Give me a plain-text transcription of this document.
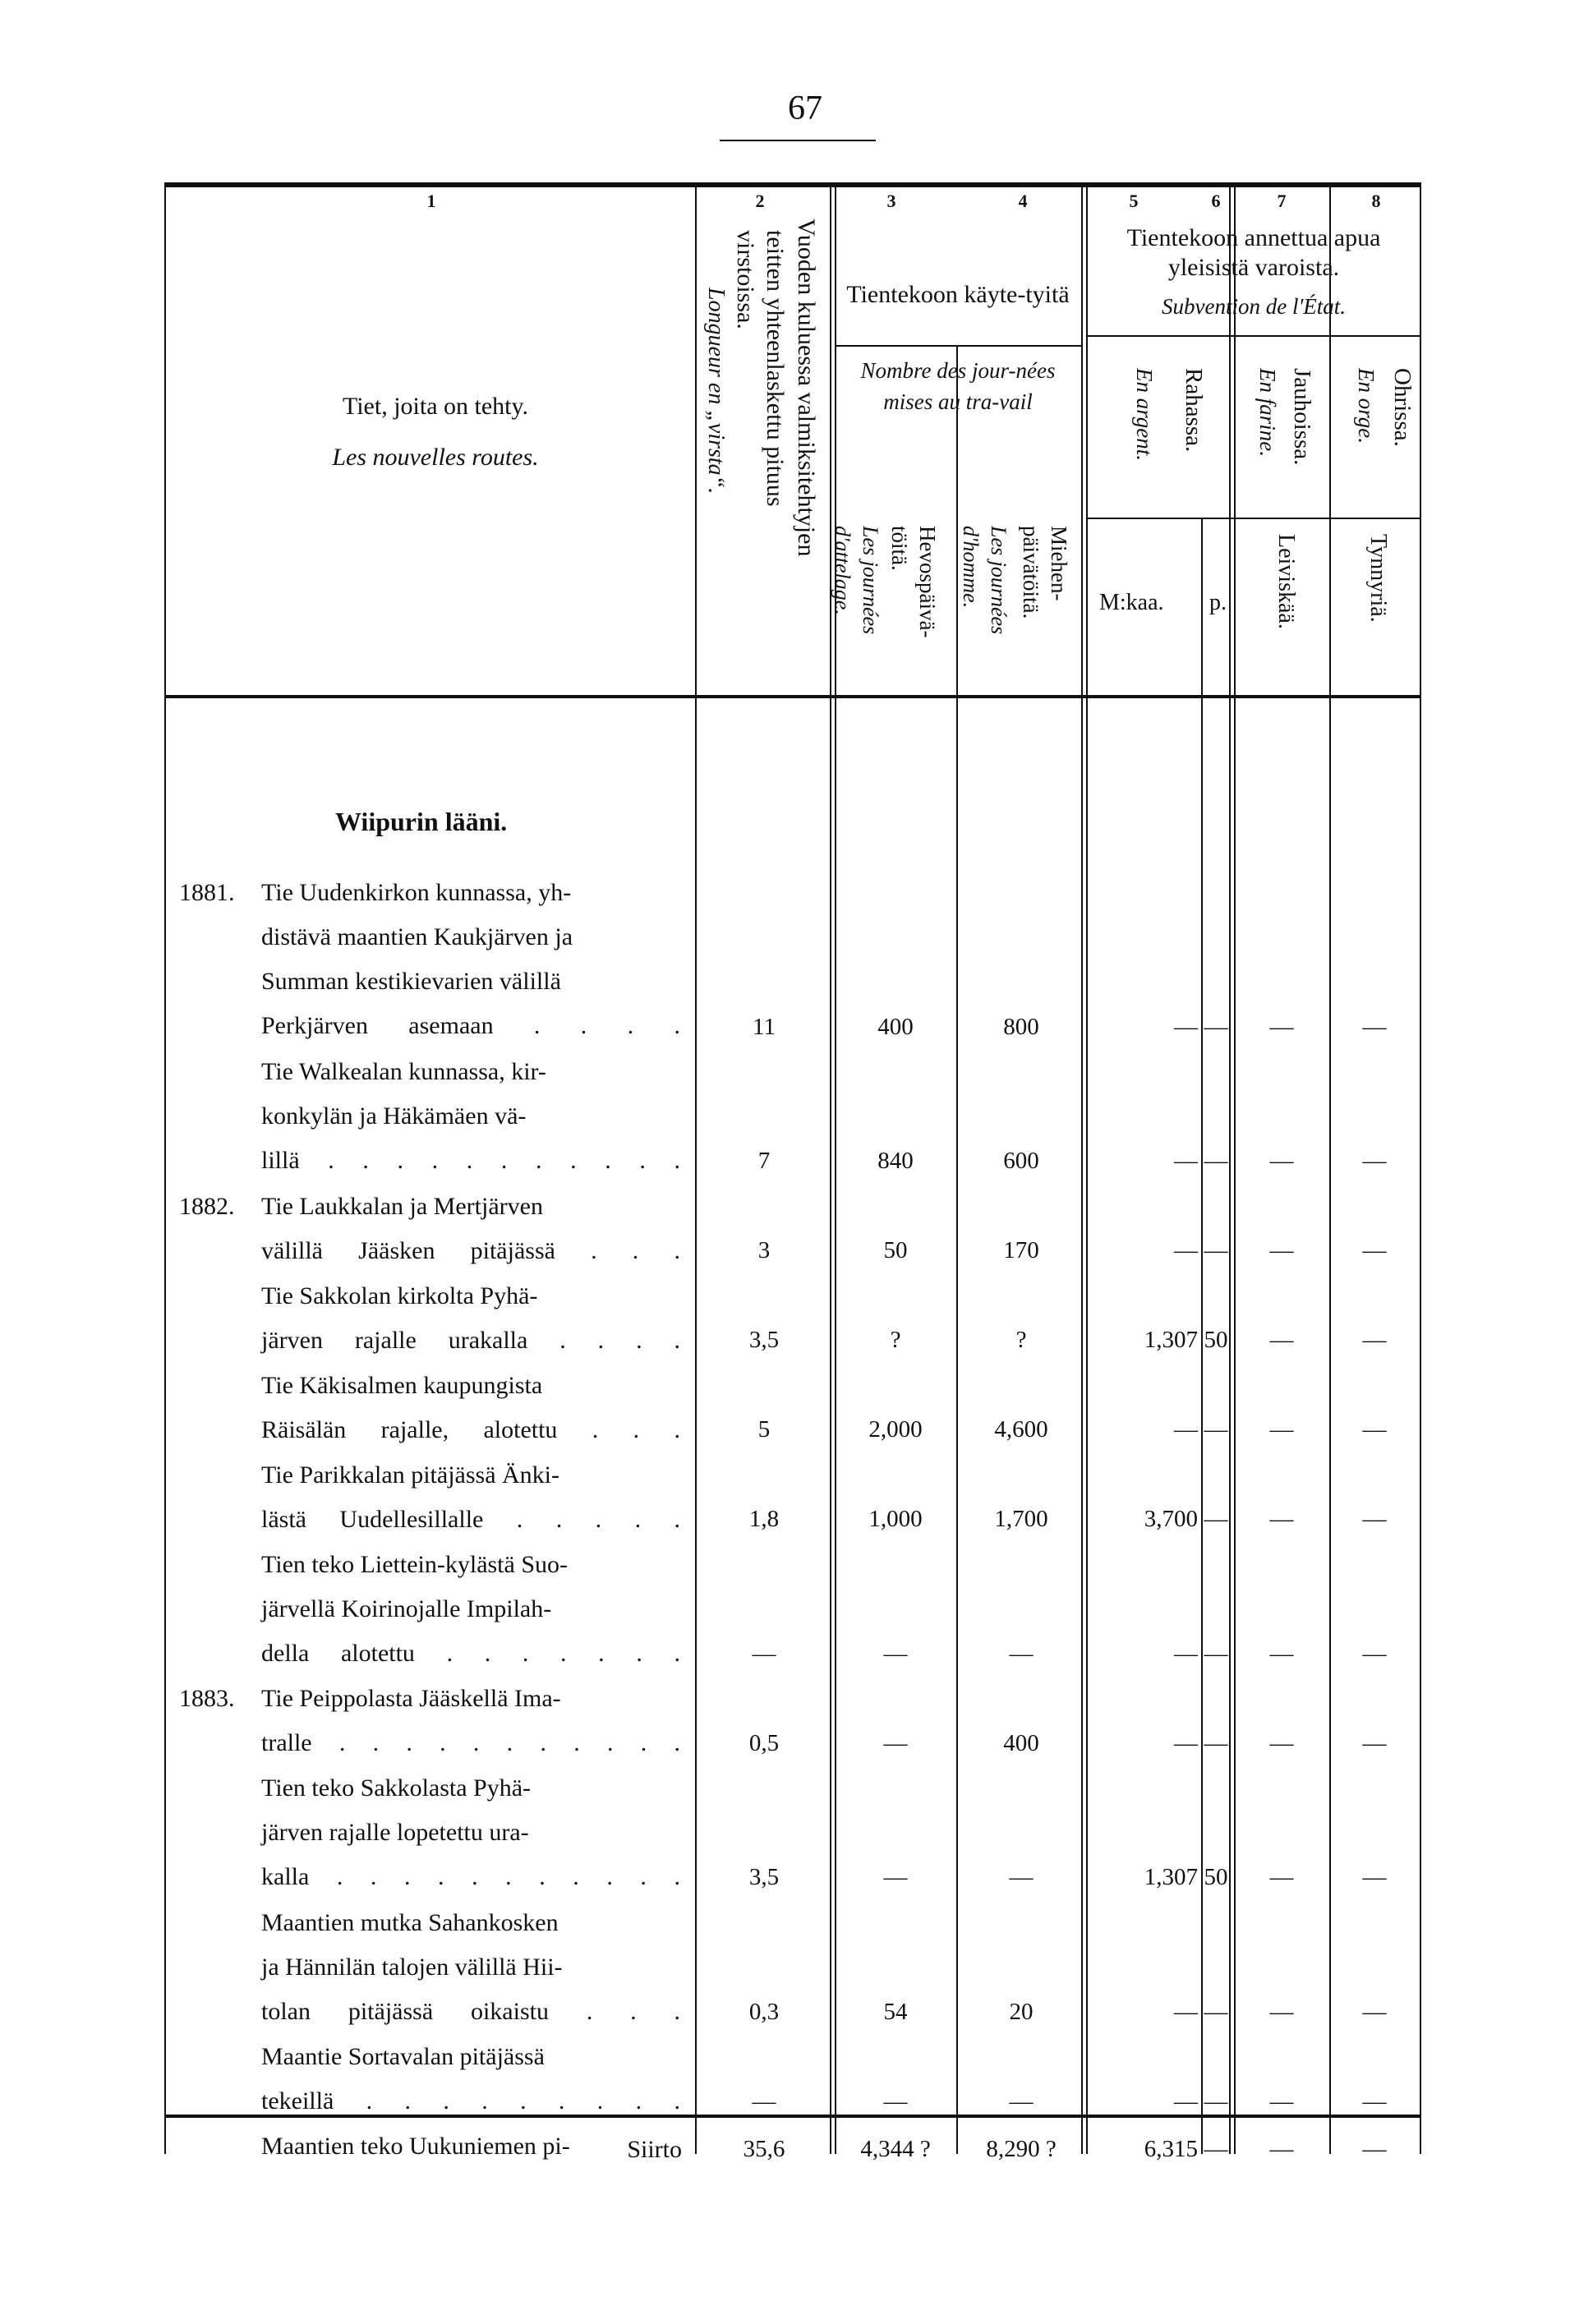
67
1	2	3	4	5	6	7	8
Tiet, joita on tehty.
Les nouvelles routes.	Vuoden kuluessa valmiksitehtyjen
teitten yhteenlaskettu pituus
virstoissa.
Longueur en „virsta“.	Tientekoon käyte-tyitä
Nombre des jour-nées mises au tra-vail
Hevospäivä-töitä.
Les journées d'attelage.	Miehen-päivätöitä.
Les journées d'homme.
Tientekoon annettua apua yleisistä varoista.
Subvention de l'État.
Rahassa.
En argent.	Jauhoissa.
En farine.	Ohrissa.
En orge.
M:kaa. p. Leiviskää.	Tynnyriä.
Wiipurin lääni.
1881. Tie Uudenkirkon kunnassa, yh-
distävä maantien Kaukjärven ja
Summan kestikievarien välillä
Perkjärven asemaan . . . .	11	400	800	— —	—	—
Tie Walkealan kunnassa, kir-
konkylän ja Häkämäen vä-
lillä . . . . . . . . . . .	7	840	600	— —	—	—
1882. Tie Laukkalan ja Mertjärven
välillä Jääsken pitäjässä . . .	3	50	170	— —	—	—
Tie Sakkolan kirkolta Pyhä-
järven rajalle urakalla . . . .	3,5	?	?	1,307 50	—	—
Tie Käkisalmen kaupungista
Räisälän rajalle, alotettu . . .	5	2,000	4,600	— —	—	—
Tie Parikkalan pitäjässä Änki-
lästä Uudellesillalle . . . . .	1,8	1,000	1,700	3,700 —	—	—
Tien teko Liettein-kylästä Suo-
järvellä Koirinojalle Impilah-
della alotettu . . . . . . .	—	—	—	— —	—	—
1883. Tie Peippolasta Jääskellä Ima-
tralle . . . . . . . . . . .	0,5	—	400	— —	—	—
Tien teko Sakkolasta Pyhä-
järven rajalle lopetettu ura-
kalla . . . . . . . . . . .	3,5	—	—	1,307 50	—	—
Maantien mutka Sahankosken
ja Hännilän talojen välillä Hii-
tolan pitäjässä oikaistu . . .	0,3	54	20	— —	—	—
Maantie Sortavalan pitäjässä
tekeillä . . . . . . . . .	—	—	—	— —	—	—
Maantien teko Uukuniemen pi-	Siirto	35,6	4,344 ?	8,290 ?	6,315 —	—	—
